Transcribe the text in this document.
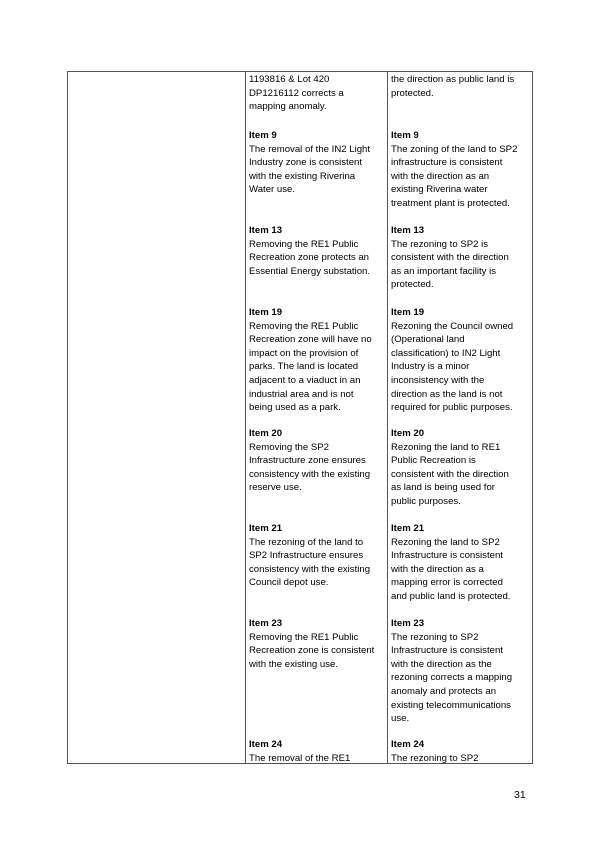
1193816 & Lot 420
DP1216112 corrects a
mapping anomaly.
Item 9
The removal of the IN2 Light
Industry zone is consistent
with the existing Riverina
Water use.
Item 13
Removing the RE1 Public
Recreation zone protects an
Essential Energy substation.
Item 19
Removing the RE1 Public
Recreation zone will have no
impact on the provision of
parks. The land is located
adjacent to a viaduct in an
industrial area and is not
being used as a park.
Item 20
Removing the SP2
Infrastructure zone ensures
consistency with the existing
reserve use.
Item 21
The rezoning of the land to
SP2 Infrastructure ensures
consistency with the existing
Council depot use.
Item 23
Removing the RE1 Public
Recreation zone is consistent
with the existing use.
Item 24
The removal of the RE1
the direction as public land is
protected.
Item 9
The zoning of the land to SP2
infrastructure is consistent
with the direction as an
existing Riverina water
treatment plant is protected.
Item 13
The rezoning to SP2 is
consistent with the direction
as an important facility is
protected.
Item 19
Rezoning the Council owned
(Operational land
classification) to IN2 Light
Industry is a minor
inconsistency with the
direction as the land is not
required for public purposes.
Item 20
Rezoning the land to RE1
Public Recreation is
consistent with the direction
as land is being used for
public purposes.
Item 21
Rezoning the land to SP2
Infrastructure is consistent
with the direction as a
mapping error is corrected
and public land is protected.
Item 23
The rezoning to SP2
Infrastructure is consistent
with the direction as the
rezoning corrects a mapping
anomaly and protects an
existing telecommunications
use.
Item 24
The rezoning to SP2
31
